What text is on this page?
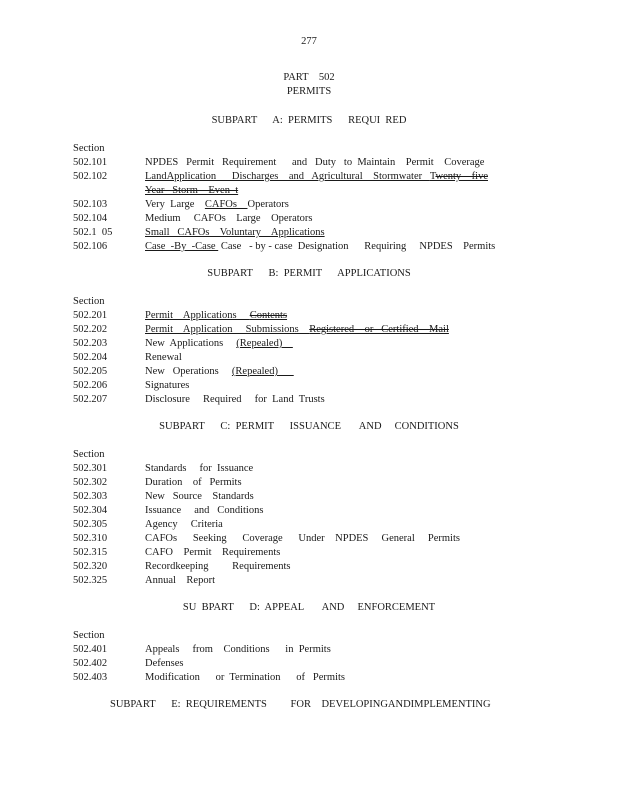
277
PART    502
PERMITS
SUBPART      A:  PERMITS      REQUI  RED
Section
502.101	NPDES   Permit   Requirement      and   Duty   to  Maintain    Permit    Coverage
502.102	LandApplication      Discharges    and   Agricultural    Stormwater   Twenty    five
Year   Storm    Even  t
502.103	Very  Large    CAFOs    Operators
502.104	Medium     CAFOs    Large    Operators
502.1  05	Small   CAFOs    Voluntary    Applications
502.106	Case  -By  -Case  Case   - by - case  Designation      Requiring     NPDES    Permits
SUBPART      B:  PERMIT      APPLICATIONS
Section
502.201	Permit    Applications     Contents
502.202	Permit    Application     Submissions    Registered    or   Certified    Mail
502.203	New  Applications     (Repealed)
502.204	Renewal
502.205	New   Operations     (Repealed)
502.206	Signatures
502.207	Disclosure     Required     for  Land  Trusts
SUBPART      C:  PERMIT      ISSUANCE       AND     CONDITIONS
Section
502.301	Standards     for  Issuance
502.302	Duration    of   Permits
502.303	New   Source    Standards
502.304	Issuance     and   Conditions
502.305	Agency     Criteria
502.310	CAFOs      Seeking      Coverage      Under    NPDES     General     Permits
502.315	CAFO    Permit    Requirements
502.320	Recordkeeping         Requirements
502.325	Annual    Report
SU  BPART      D:  APPEAL       AND     ENFORCEMENT
Section
502.401	Appeals     from    Conditions      in  Permits
502.402	Defenses
502.403	Modification      or  Termination      of   Permits
SUBPART      E:  REQUIREMENTS         FOR    DEVELOPINGANDIMPLEMENTING
